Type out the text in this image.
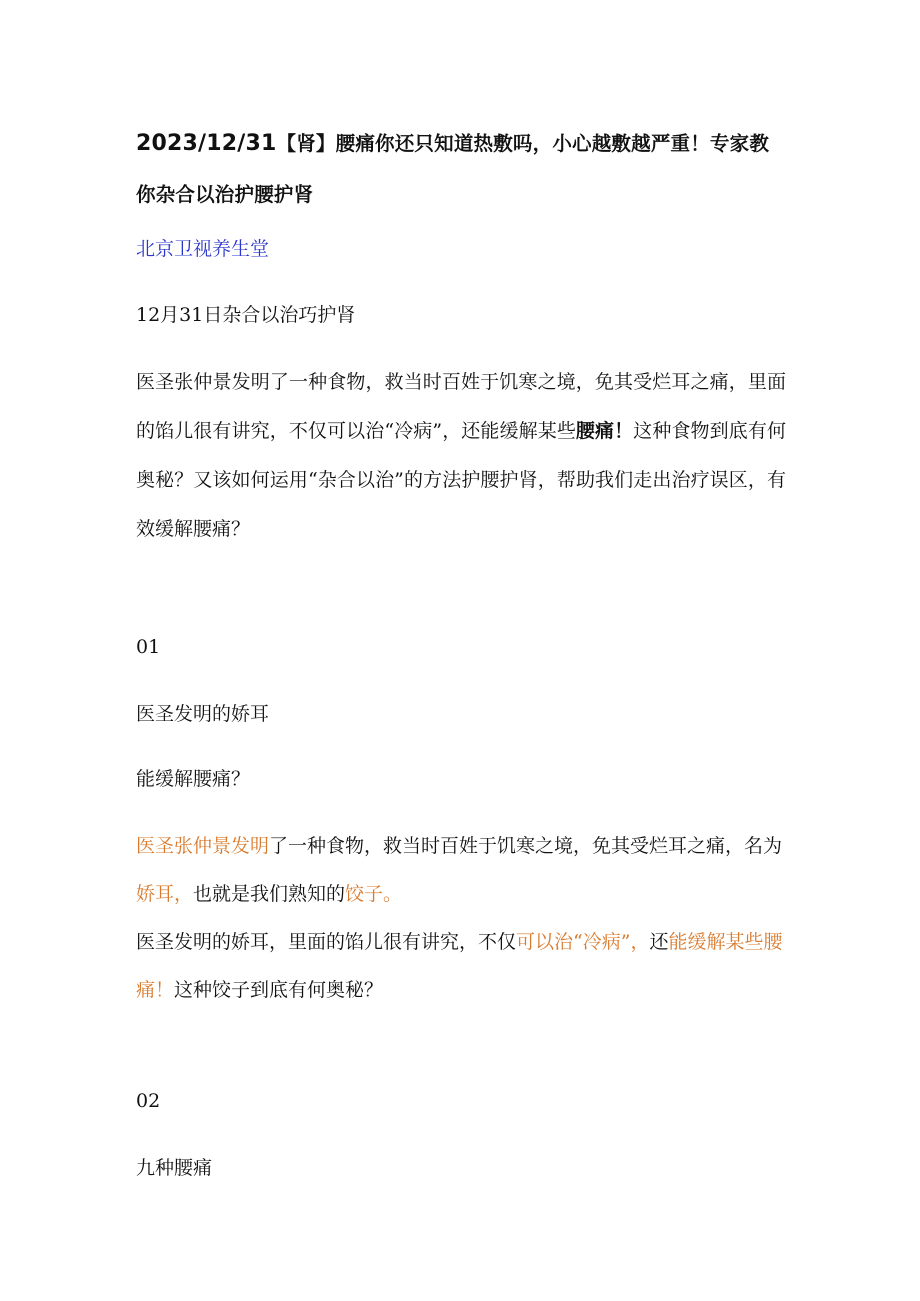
2023/12/31【肾】腰痛你还只知道热敷吗，小心越敷越严重！专家教你杂合以治护腰护肾

北京卫视养生堂

12月31日杂合以治巧护肾

医圣张仲景发明了一种食物，救当时百姓于饥寒之境，免其受烂耳之痛，里面的馅儿很有讲究，不仅可以治“冷病”，还能缓解某些腰痛！这种食物到底有何奥秘？又该如何运用“杂合以治”的方法护腰护肾，帮助我们走出治疗误区，有效缓解腰痛？

01

医圣发明的娇耳

能缓解腰痛？

医圣张仲景发明了一种食物，救当时百姓于饥寒之境，免其受烂耳之痛，名为娇耳，也就是我们熟知的饺子。
医圣发明的娇耳，里面的馅儿很有讲究，不仅可以治“冷病”，还能缓解某些腰痛！这种饺子到底有何奥秘？

02

九种腰痛
